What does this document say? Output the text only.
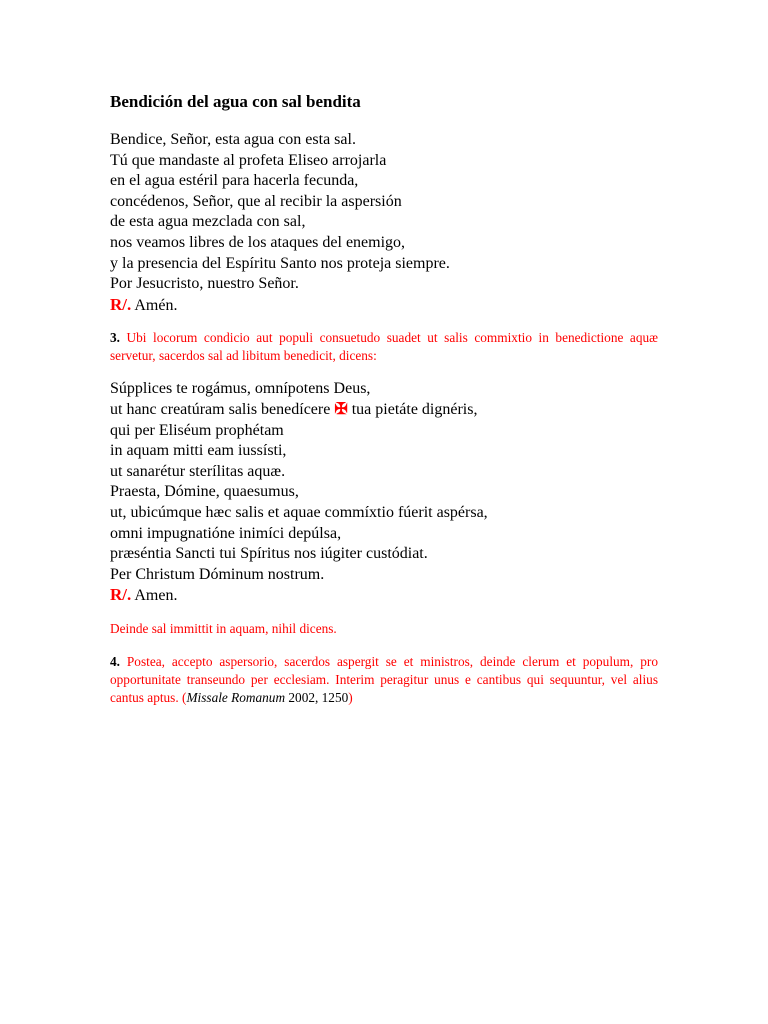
Bendición del agua con sal bendita
Bendice, Señor, esta agua con esta sal.
Tú que mandaste al profeta Eliseo arrojarla
en el agua estéril para hacerla fecunda,
concédenos, Señor, que al recibir la aspersión
de esta agua mezclada con sal,
nos veamos libres de los ataques del enemigo,
y la presencia del Espíritu Santo nos proteja siempre.
Por Jesucristo, nuestro Señor.
R/. Amén.

3. Ubi locorum condicio aut populi consuetudo suadet ut salis commixtio in benedictione aquæ servetur, sacerdos sal ad libitum benedicit, dicens:

Súpplices te rogámus, omnípotens Deus,
ut hanc creatúram salis benedícere ✠ tua pietáte dignéris,
qui per Eliséum prophétam
in aquam mitti eam iussísti,
ut sanarétur sterílitas aquæ.
Praesta, Dómine, quaesumus,
ut, ubicúmque hæc salis et aquae commíxtio fúerit aspérsa,
omni impugnatióne inimíci depúlsa,
præséntia Sancti tui Spíritus nos iúgiter custódiat.
Per Christum Dóminum nostrum.
R/. Amen.

Deinde sal immittit in aquam, nihil dicens.

4. Postea, accepto aspersorio, sacerdos aspergit se et ministros, deinde clerum et populum, pro opportunitate transeundo per ecclesiam. Interim peragitur unus e cantibus qui sequuntur, vel alius cantus aptus. (Missale Romanum 2002, 1250)
